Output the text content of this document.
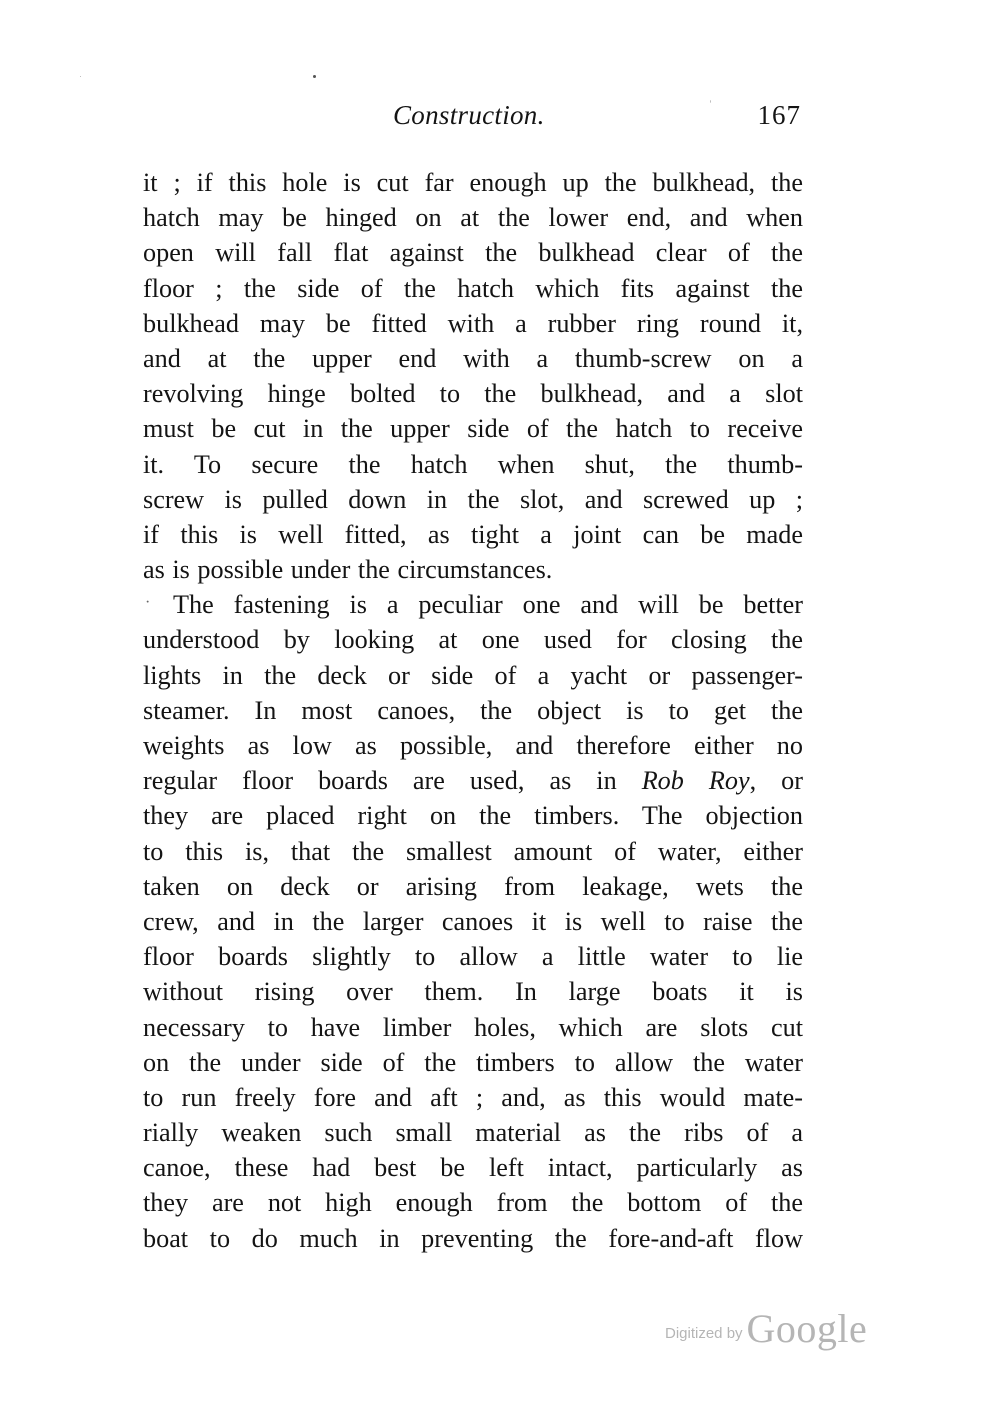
Construction.	167
it ; if this hole is cut far enough up the bulkhead, the
hatch may be hinged on at the lower end, and when
open will fall flat against the bulkhead clear of the
floor ; the side of the hatch which fits against the
bulkhead may be fitted with a rubber ring round it,
and at the upper end with a thumb-screw on a
revolving hinge bolted to the bulkhead, and a slot
must be cut in the upper side of the hatch to receive
it. To secure the hatch when shut, the thumb-
screw is pulled down in the slot, and screwed up ;
if this is well fitted, as tight a joint can be made
as is possible under the circumstances.
· The fastening is a peculiar one and will be better
understood by looking at one used for closing the
lights in the deck or side of a yacht or passenger-
steamer. In most canoes, the object is to get the
weights as low as possible, and therefore either no
regular floor boards are used, as in Rob Roy, or
they are placed right on the timbers. The objection
to this is, that the smallest amount of water, either
taken on deck or arising from leakage, wets the
crew, and in the larger canoes it is well to raise the
floor boards slightly to allow a little water to lie
without rising over them. In large boats it is
necessary to have limber holes, which are slots cut
on the under side of the timbers to allow the water
to run freely fore and aft ; and, as this would mate-
rially weaken such small material as the ribs of a
canoe, these had best be left intact, particularly as
they are not high enough from the bottom of the
boat to do much in preventing the fore-and-aft flow
Digitized by Google
